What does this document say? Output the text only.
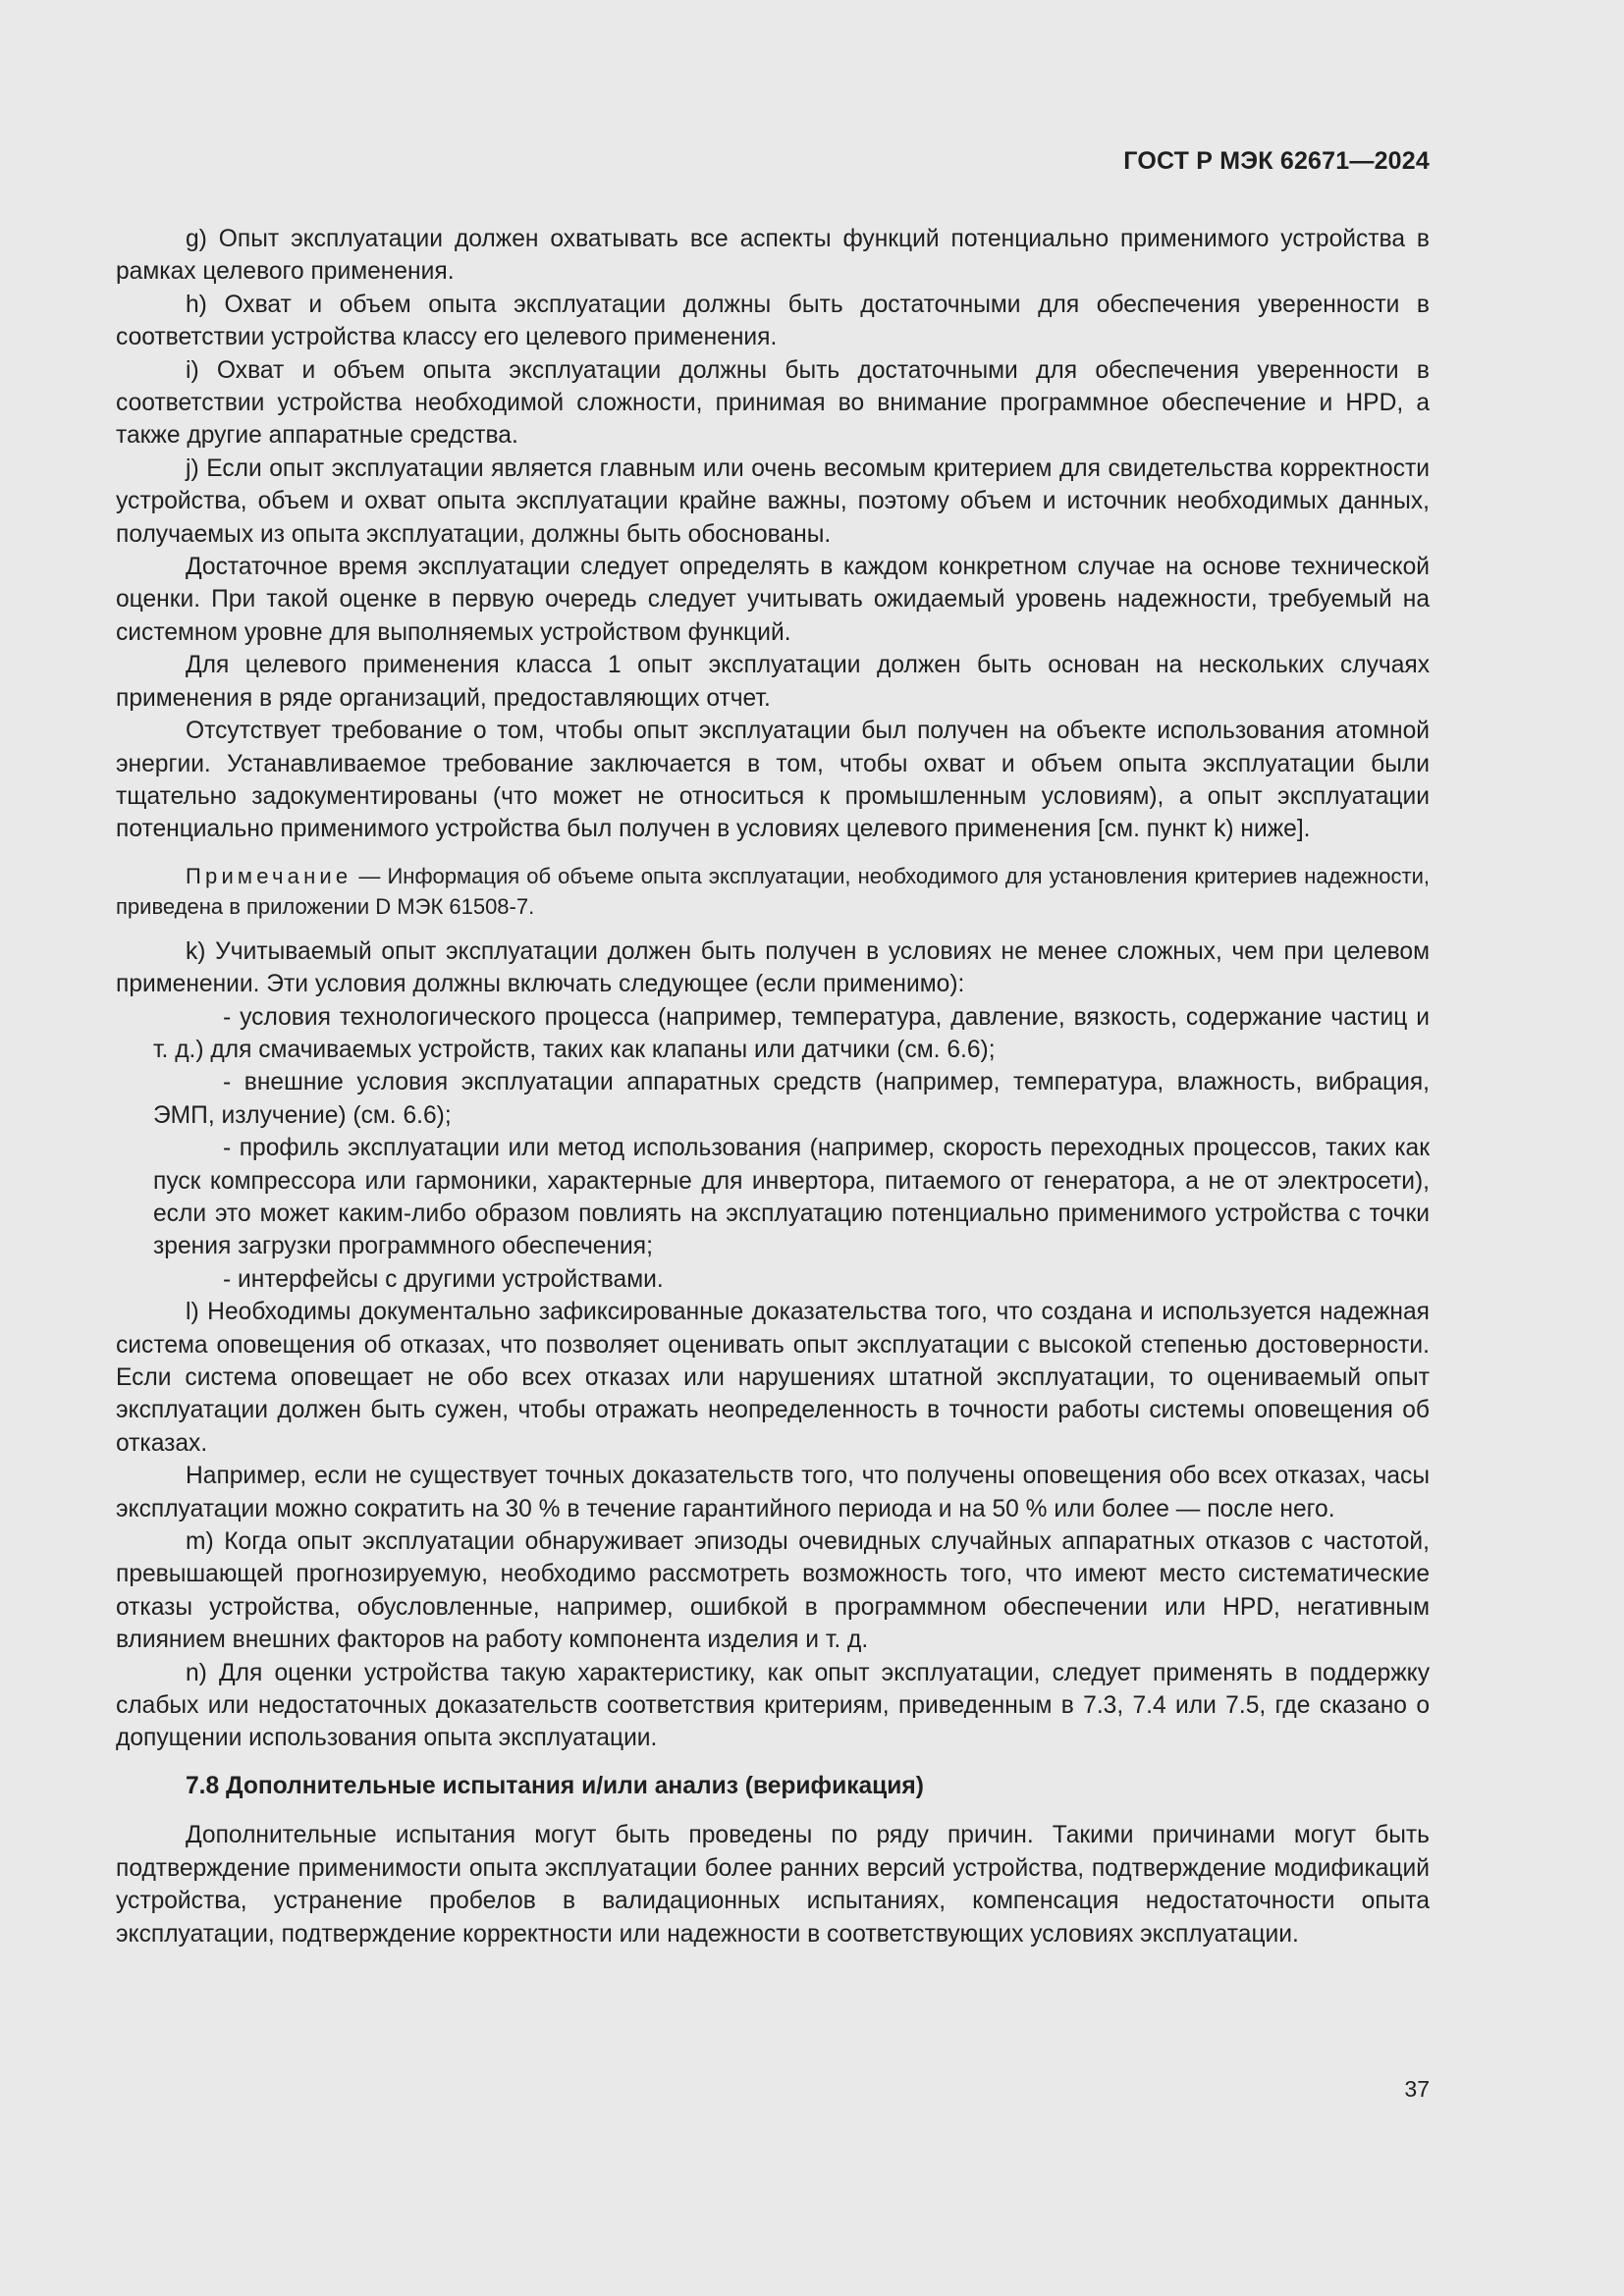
ГОСТ Р МЭК 62671—2024

g) Опыт эксплуатации должен охватывать все аспекты функций потенциально применимого устройства в рамках целевого применения.

h) Охват и объем опыта эксплуатации должны быть достаточными для обеспечения уверенности в соответствии устройства классу его целевого применения.

i) Охват и объем опыта эксплуатации должны быть достаточными для обеспечения уверенности в соответствии устройства необходимой сложности, принимая во внимание программное обеспечение и HPD, а также другие аппаратные средства.

j) Если опыт эксплуатации является главным или очень весомым критерием для свидетельства корректности устройства, объем и охват опыта эксплуатации крайне важны, поэтому объем и источник необходимых данных, получаемых из опыта эксплуатации, должны быть обоснованы.

Достаточное время эксплуатации следует определять в каждом конкретном случае на основе технической оценки. При такой оценке в первую очередь следует учитывать ожидаемый уровень надежности, требуемый на системном уровне для выполняемых устройством функций.

Для целевого применения класса 1 опыт эксплуатации должен быть основан на нескольких случаях применения в ряде организаций, предоставляющих отчет.

Отсутствует требование о том, чтобы опыт эксплуатации был получен на объекте использования атомной энергии. Устанавливаемое требование заключается в том, чтобы охват и объем опыта эксплуатации были тщательно задокументированы (что может не относиться к промышленным условиям), а опыт эксплуатации потенциально применимого устройства был получен в условиях целевого применения [см. пункт k) ниже].

Примечание — Информация об объеме опыта эксплуатации, необходимого для установления критериев надежности, приведена в приложении D МЭК 61508-7.

k) Учитываемый опыт эксплуатации должен быть получен в условиях не менее сложных, чем при целевом применении. Эти условия должны включать следующее (если применимо):

- условия технологического процесса (например, температура, давление, вязкость, содержание частиц и т. д.) для смачиваемых устройств, таких как клапаны или датчики (см. 6.6);

- внешние условия эксплуатации аппаратных средств (например, температура, влажность, вибрация, ЭМП, излучение) (см. 6.6);

- профиль эксплуатации или метод использования (например, скорость переходных процессов, таких как пуск компрессора или гармоники, характерные для инвертора, питаемого от генератора, а не от электросети), если это может каким-либо образом повлиять на эксплуатацию потенциально применимого устройства с точки зрения загрузки программного обеспечения;

- интерфейсы с другими устройствами.

l) Необходимы документально зафиксированные доказательства того, что создана и используется надежная система оповещения об отказах, что позволяет оценивать опыт эксплуатации с высокой степенью достоверности. Если система оповещает не обо всех отказах или нарушениях штатной эксплуатации, то оцениваемый опыт эксплуатации должен быть сужен, чтобы отражать неопределенность в точности работы системы оповещения об отказах.

Например, если не существует точных доказательств того, что получены оповещения обо всех отказах, часы эксплуатации можно сократить на 30 % в течение гарантийного периода и на 50 % или более — после него.

m) Когда опыт эксплуатации обнаруживает эпизоды очевидных случайных аппаратных отказов с частотой, превышающей прогнозируемую, необходимо рассмотреть возможность того, что имеют место систематические отказы устройства, обусловленные, например, ошибкой в программном обеспечении или HPD, негативным влиянием внешних факторов на работу компонента изделия и т. д.

n) Для оценки устройства такую характеристику, как опыт эксплуатации, следует применять в поддержку слабых или недостаточных доказательств соответствия критериям, приведенным в 7.3, 7.4 или 7.5, где сказано о допущении использования опыта эксплуатации.

7.8 Дополнительные испытания и/или анализ (верификация)

Дополнительные испытания могут быть проведены по ряду причин. Такими причинами могут быть подтверждение применимости опыта эксплуатации более ранних версий устройства, подтверждение модификаций устройства, устранение пробелов в валидационных испытаниях, компенсация недостаточности опыта эксплуатации, подтверждение корректности или надежности в соответствующих условиях эксплуатации.

37
